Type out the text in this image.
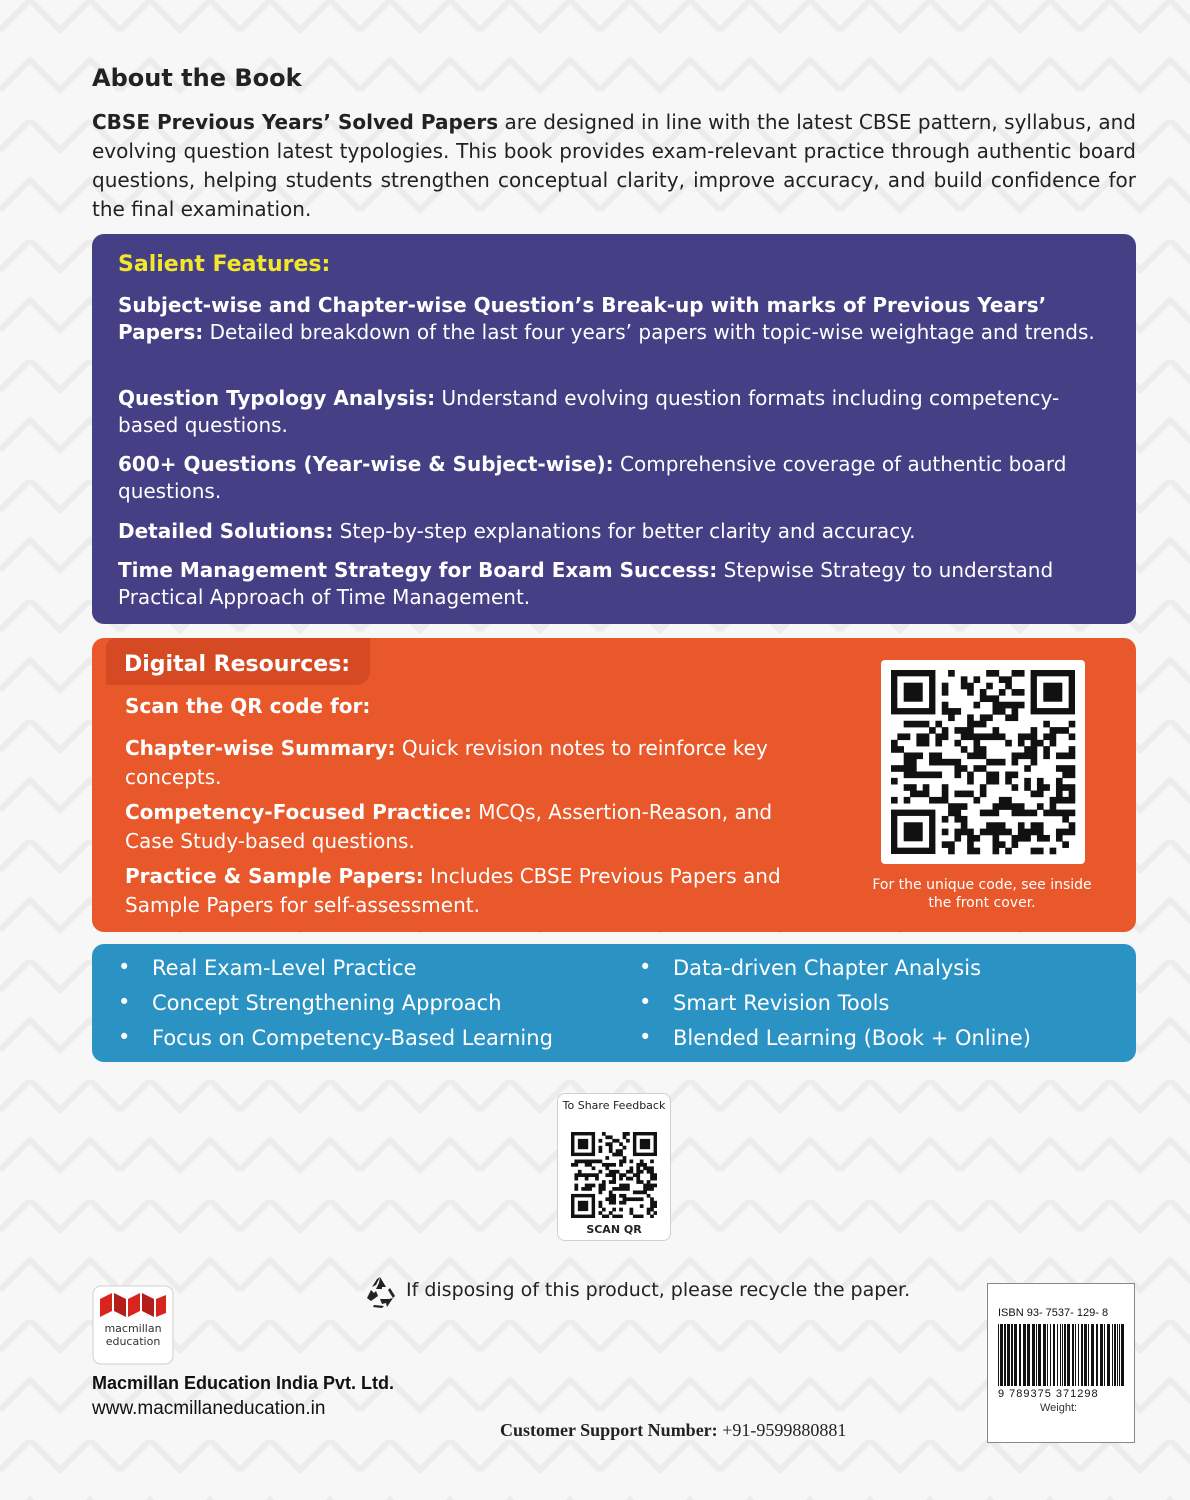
About the Book
CBSE Previous Years’ Solved Papers are designed in line with the latest CBSE pattern, syllabus, and evolving question latest typologies. This book provides exam-relevant practice through authentic board questions, helping students strengthen conceptual clarity, improve accuracy, and build confidence for the final examination.
Salient Features:
Subject-wise and Chapter-wise Question’s Break-up with marks of Previous Years’ Papers: Detailed breakdown of the last four years’ papers with topic-wise weightage and trends.
Question Typology Analysis: Understand evolving question formats including competency-based questions.
600+ Questions (Year-wise & Subject-wise): Comprehensive coverage of authentic board questions.
Detailed Solutions: Step-by-step explanations for better clarity and accuracy.
Time Management Strategy for Board Exam Success: Stepwise Strategy to understand Practical Approach of Time Management.
Digital Resources:
Scan the QR code for:
Chapter-wise Summary: Quick revision notes to reinforce key concepts.
Competency-Focused Practice: MCQs, Assertion-Reason, and Case Study-based questions.
Practice & Sample Papers: Includes CBSE Previous Papers and Sample Papers for self-assessment.
For the unique code, see inside the front cover.
• Real Exam-Level Practice
• Concept Strengthening Approach
• Focus on Competency-Based Learning
• Data-driven Chapter Analysis
• Smart Revision Tools
• Blended Learning (Book + Online)
To Share Feedback
SCAN QR
If disposing of this product, please recycle the paper.
macmillan education
Macmillan Education India Pvt. Ltd.
www.macmillaneducation.in
Customer Support Number: +91-9599880881
ISBN 93- 7537- 129- 8
9 789375 371298
Weight:
